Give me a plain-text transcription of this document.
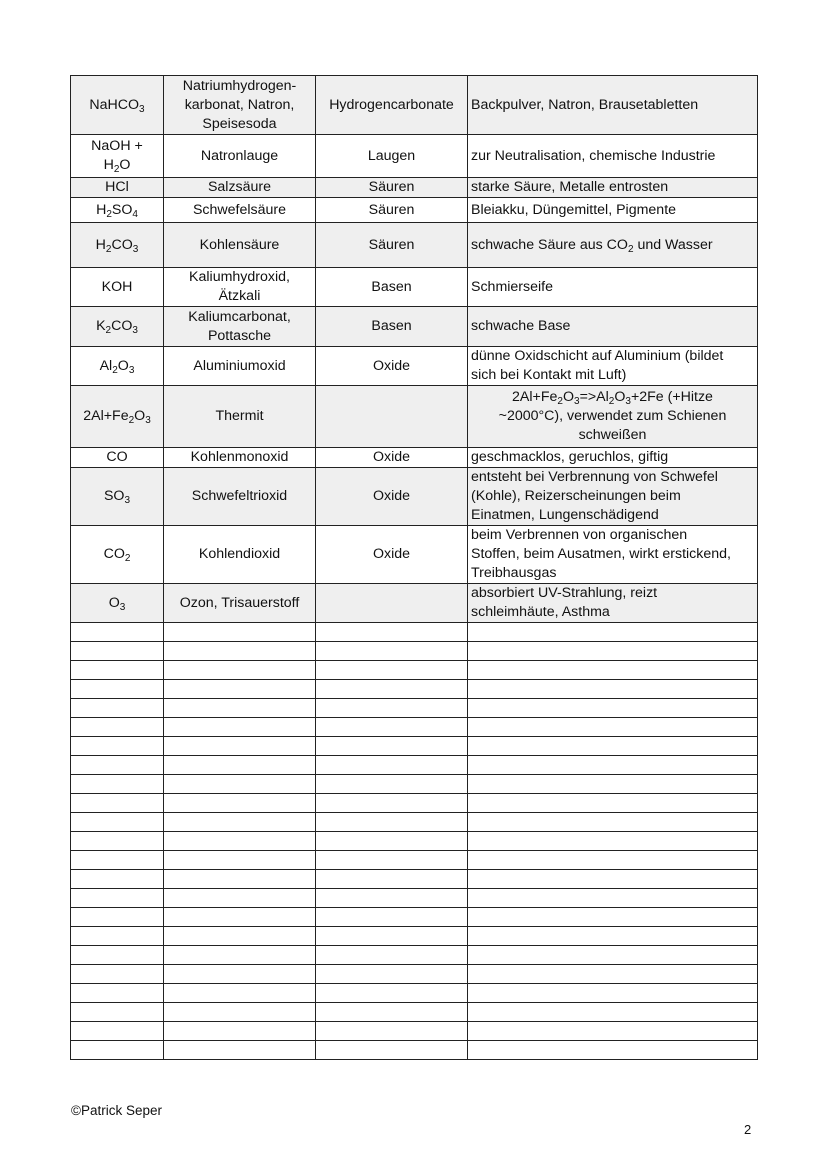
NaHCO$_3$	Natriumhydrogen-
karbonat, Natron,
Speisesoda	Hydrogencarbonate	Backpulver, Natron, Brausetabletten
NaOH +
$H_2O$	Natronlauge	Laugen	zur Neutralisation, chemische Industrie
HCl	Salzsäure	Säuren	starke Säure, Metalle entrosten
$H_2SO_4$	Schwefelsäure	Säuren	Bleiakku, Düngemittel, Pigmente
$H_2CO_3$	Kohlensäure	Säuren	schwache Säure aus $CO_2$ und Wasser
KOH	Kaliumhydroxid,
Ätzkali	Basen	Schmierseife
$K_2CO_3$	Kaliumcarbonat,
Pottasche	Basen	schwache Base
$Al_2O_3$	Aluminiumoxid	Oxide	dünne Oxidschicht auf Aluminium (bildet
sich bei Kontakt mit Luft)
$2Al+Fe_2O_3$	Thermit		$2Al+Fe_2O_3=>Al_2O_3+2Fe$ (+Hitze
~2000°C), verwendet zum Schienen
schweißen
CO	Kohlenmonoxid	Oxide	geschmacklos, geruchlos, giftig
$SO_3$	Schwefeltrioxid	Oxide	entsteht bei Verbrennung von Schwefel
(Kohle), Reizerscheinungen beim
Einatmen, Lungenschädigend
$CO_2$	Kohlendioxid	Oxide	beim Verbrennen von organischen
Stoffen, beim Ausatmen, wirkt erstickend,
Treibhausgas
$O_3$	Ozon, Trisauerstoff		absorbiert UV-Strahlung, reizt
schleimhäute, Asthma

©Patrick Seper
2
